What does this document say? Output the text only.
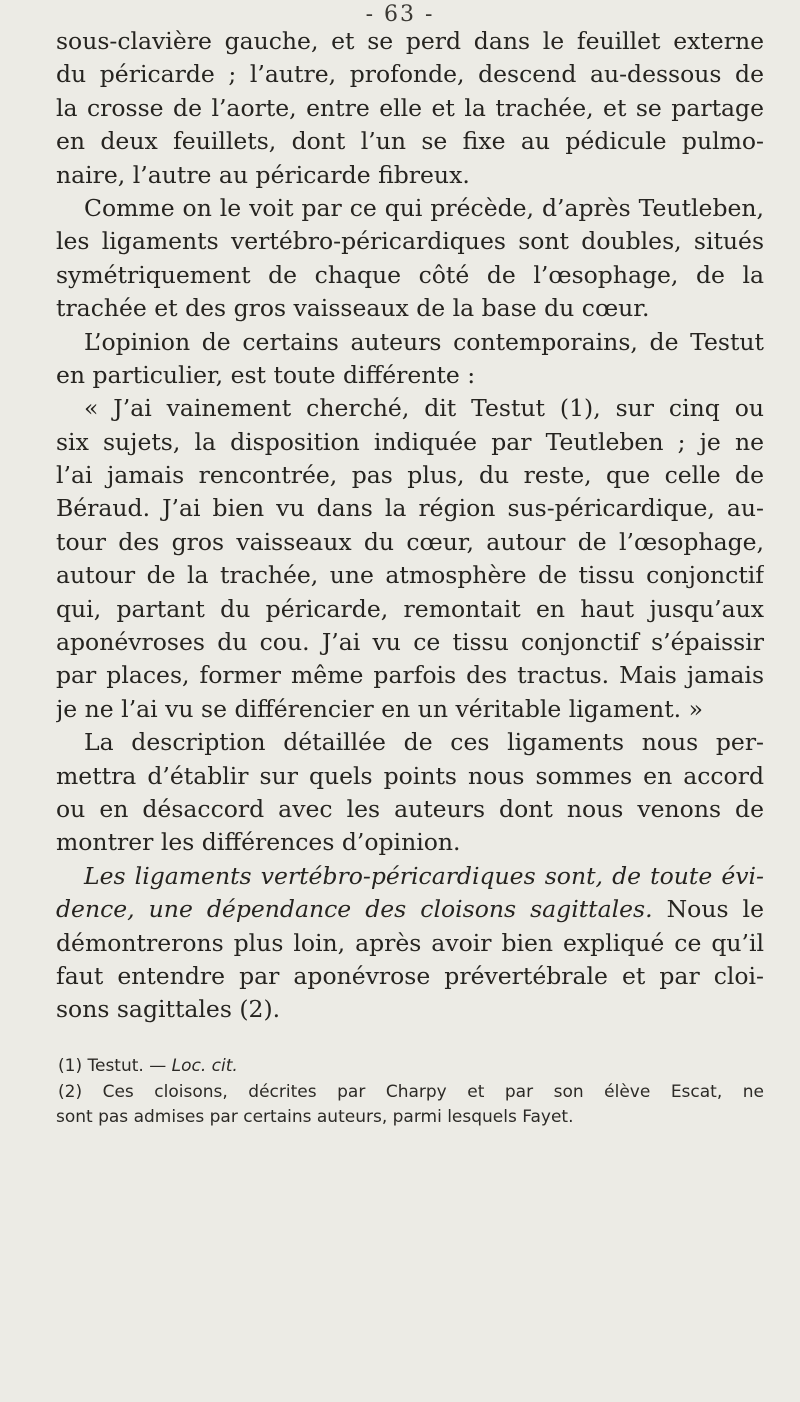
- 63 -
sous-clavière gauche, et se perd dans le feuillet externe
du péricarde ; l’autre, profonde, descend au-dessous de
la crosse de l’aorte, entre elle et la trachée, et se partage
en deux feuillets, dont l’un se fixe au pédicule pulmo-
naire, l’autre au péricarde fibreux.
Comme on le voit par ce qui précède, d’après Teutleben,
les ligaments vertébro-péricardiques sont doubles, situés
symétriquement de chaque côté de l’œsophage, de la
trachée et des gros vaisseaux de la base du cœur.
L’opinion de certains auteurs contemporains, de Testut
en particulier, est toute différente :
« J’ai vainement cherché, dit Testut (1), sur cinq ou
six sujets, la disposition indiquée par Teutleben ; je ne
l’ai jamais rencontrée, pas plus, du reste, que celle de
Béraud. J’ai bien vu dans la région sus-péricardique, au-
tour des gros vaisseaux du cœur, autour de l’œsophage,
autour de la trachée, une atmosphère de tissu conjonctif
qui, partant du péricarde, remontait en haut jusqu’aux
aponévroses du cou. J’ai vu ce tissu conjonctif s’épaissir
par places, former même parfois des tractus. Mais jamais
je ne l’ai vu se différencier en un véritable ligament. »
La description détaillée de ces ligaments nous per-
mettra d’établir sur quels points nous sommes en accord
ou en désaccord avec les auteurs dont nous venons de
montrer les différences d’opinion.
Les ligaments vertébro-péricardiques sont, de toute évi-
dence, une dépendance des cloisons sagittales. Nous le
démontrerons plus loin, après avoir bien expliqué ce qu’il
faut entendre par aponévrose prévertébrale et par cloi-
sons sagittales (2).
(1) Testut. — Loc. cit.
(2) Ces cloisons, décrites par Charpy et par son élève Escat, ne
sont pas admises par certains auteurs, parmi lesquels Fayet.
